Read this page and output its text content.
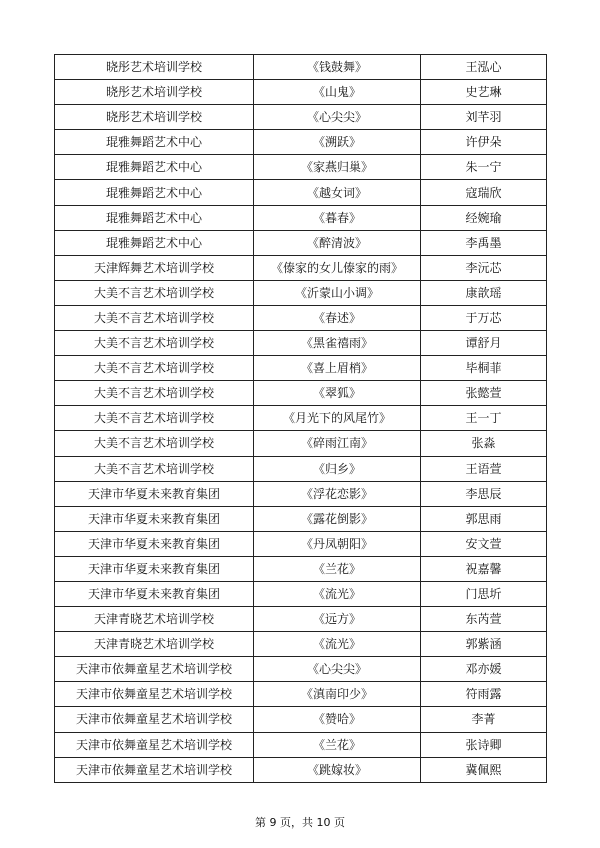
晓彤艺术培训学校	《钱鼓舞》	王泓心
晓彤艺术培训学校	《山鬼》	史艺琳
晓彤艺术培训学校	《心尖尖》	刘芊羽
琨雅舞蹈艺术中心	《溯跃》	许伊朵
琨雅舞蹈艺术中心	《家燕归巢》	朱一宁
琨雅舞蹈艺术中心	《越女词》	寇瑞欣
琨雅舞蹈艺术中心	《暮春》	经婉瑜
琨雅舞蹈艺术中心	《醉清波》	李禹墨
天津辉舞艺术培训学校	《傣家的女儿傣家的雨》	李沅芯
大美不言艺术培训学校	《沂蒙山小调》	康歆瑶
大美不言艺术培训学校	《春述》	于万芯
大美不言艺术培训学校	《黑雀禧雨》	谭舒月
大美不言艺术培训学校	《喜上眉梢》	毕桐菲
大美不言艺术培训学校	《翠狐》	张懿萱
大美不言艺术培训学校	《月光下的风尾竹》	王一丁
大美不言艺术培训学校	《碎雨江南》	张淼
大美不言艺术培训学校	《归乡》	王语萱
天津市华夏未来教育集团	《浮花恋影》	李思辰
天津市华夏未来教育集团	《露花倒影》	郭思雨
天津市华夏未来教育集团	《丹凤朝阳》	安文萱
天津市华夏未来教育集团	《兰花》	祝嘉馨
天津市华夏未来教育集团	《流光》	门思圻
天津青晓艺术培训学校	《远方》	东芮萱
天津青晓艺术培训学校	《流光》	郭紫涵
天津市依舞童星艺术培训学校	《心尖尖》	邓亦媛
天津市依舞童星艺术培训学校	《滇南印少》	符雨露
天津市依舞童星艺术培训学校	《赞哈》	李菁
天津市依舞童星艺术培训学校	《兰花》	张诗卿
天津市依舞童星艺术培训学校	《跳嫁妆》	冀佩熙
第 9 页，共 10 页
